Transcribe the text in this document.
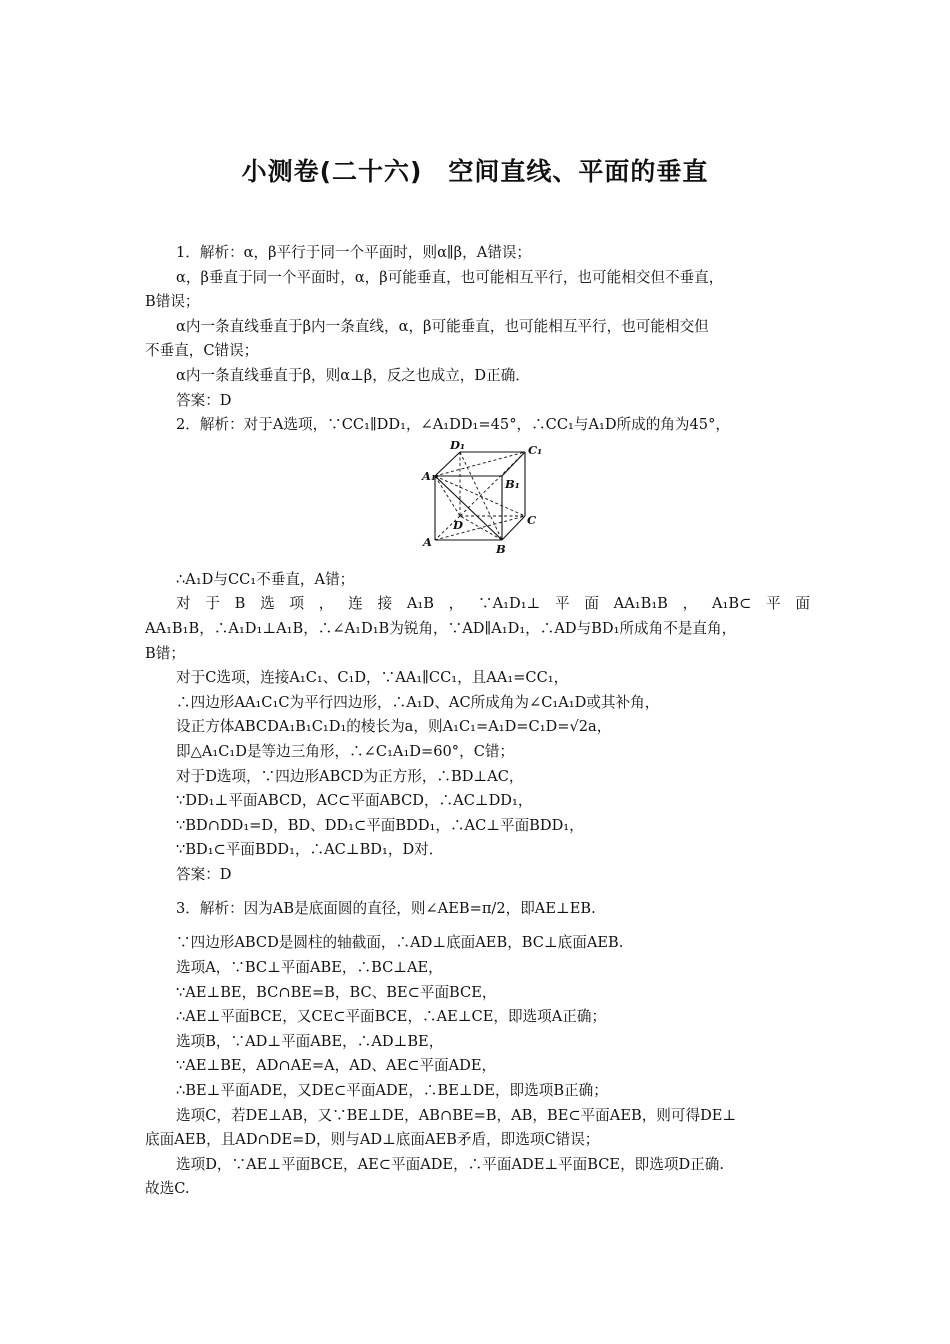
小测卷(二十六)　空间直线、平面的垂直

1．解析：α，β平行于同一个平面时，则α∥β，A错误；

α，β垂直于同一个平面时，α，β可能垂直，也可能相互平行，也可能相交但不垂直，

B错误；

α内一条直线垂直于β内一条直线，α，β可能垂直，也可能相互平行，也可能相交但

不垂直，C错误；

α内一条直线垂直于β，则α⊥β，反之也成立，D正确．

答案：D

2．解析：对于A选项，∵CC₁∥DD₁，∠A₁DD₁=45°，∴CC₁与A₁D所成的角为45°，

D₁	C₁
A₁
B₁
D	C
A	B

∴A₁D与CC₁不垂直，A错；

对于B选项，连接A₁B，∵A₁D₁⊥平面AA₁B₁B，A₁B⊂平面

AA₁B₁B，∴A₁D₁⊥A₁B，∴∠A₁D₁B为锐角，∵AD∥A₁D₁，∴AD与BD₁所成角不是直角，

B错；

对于C选项，连接A₁C₁、C₁D，∵AA₁∥CC₁，且AA₁=CC₁，

∴四边形AA₁C₁C为平行四边形，∴A₁D、AC所成角为∠C₁A₁D或其补角，

设正方体ABCDA₁B₁C₁D₁的棱长为a，则A₁C₁=A₁D=C₁D=√2a，

即△A₁C₁D是等边三角形，∴∠C₁A₁D=60°，C错；

对于D选项，∵四边形ABCD为正方形，∴BD⊥AC，

∵DD₁⊥平面ABCD，AC⊂平面ABCD，∴AC⊥DD₁，

∵BD∩DD₁=D，BD、DD₁⊂平面BDD₁，∴AC⊥平面BDD₁，

∵BD₁⊂平面BDD₁，∴AC⊥BD₁，D对．

答案：D

3．解析：因为AB是底面圆的直径，则∠AEB=π/2，即AE⊥EB.

∵四边形ABCD是圆柱的轴截面，∴AD⊥底面AEB，BC⊥底面AEB.

选项A，∵BC⊥平面ABE，∴BC⊥AE，

∵AE⊥BE，BC∩BE=B，BC、BE⊂平面BCE，

∴AE⊥平面BCE，又CE⊂平面BCE，∴AE⊥CE，即选项A正确；

选项B，∵AD⊥平面ABE，∴AD⊥BE，

∵AE⊥BE，AD∩AE=A，AD、AE⊂平面ADE，

∴BE⊥平面ADE，又DE⊂平面ADE，∴BE⊥DE，即选项B正确；

选项C，若DE⊥AB，又∵BE⊥DE，AB∩BE=B，AB，BE⊂平面AEB，则可得DE⊥

底面AEB，且AD∩DE=D，则与AD⊥底面AEB矛盾，即选项C错误；

选项D，∵AE⊥平面BCE，AE⊂平面ADE，∴平面ADE⊥平面BCE，即选项D正确.

故选C.
